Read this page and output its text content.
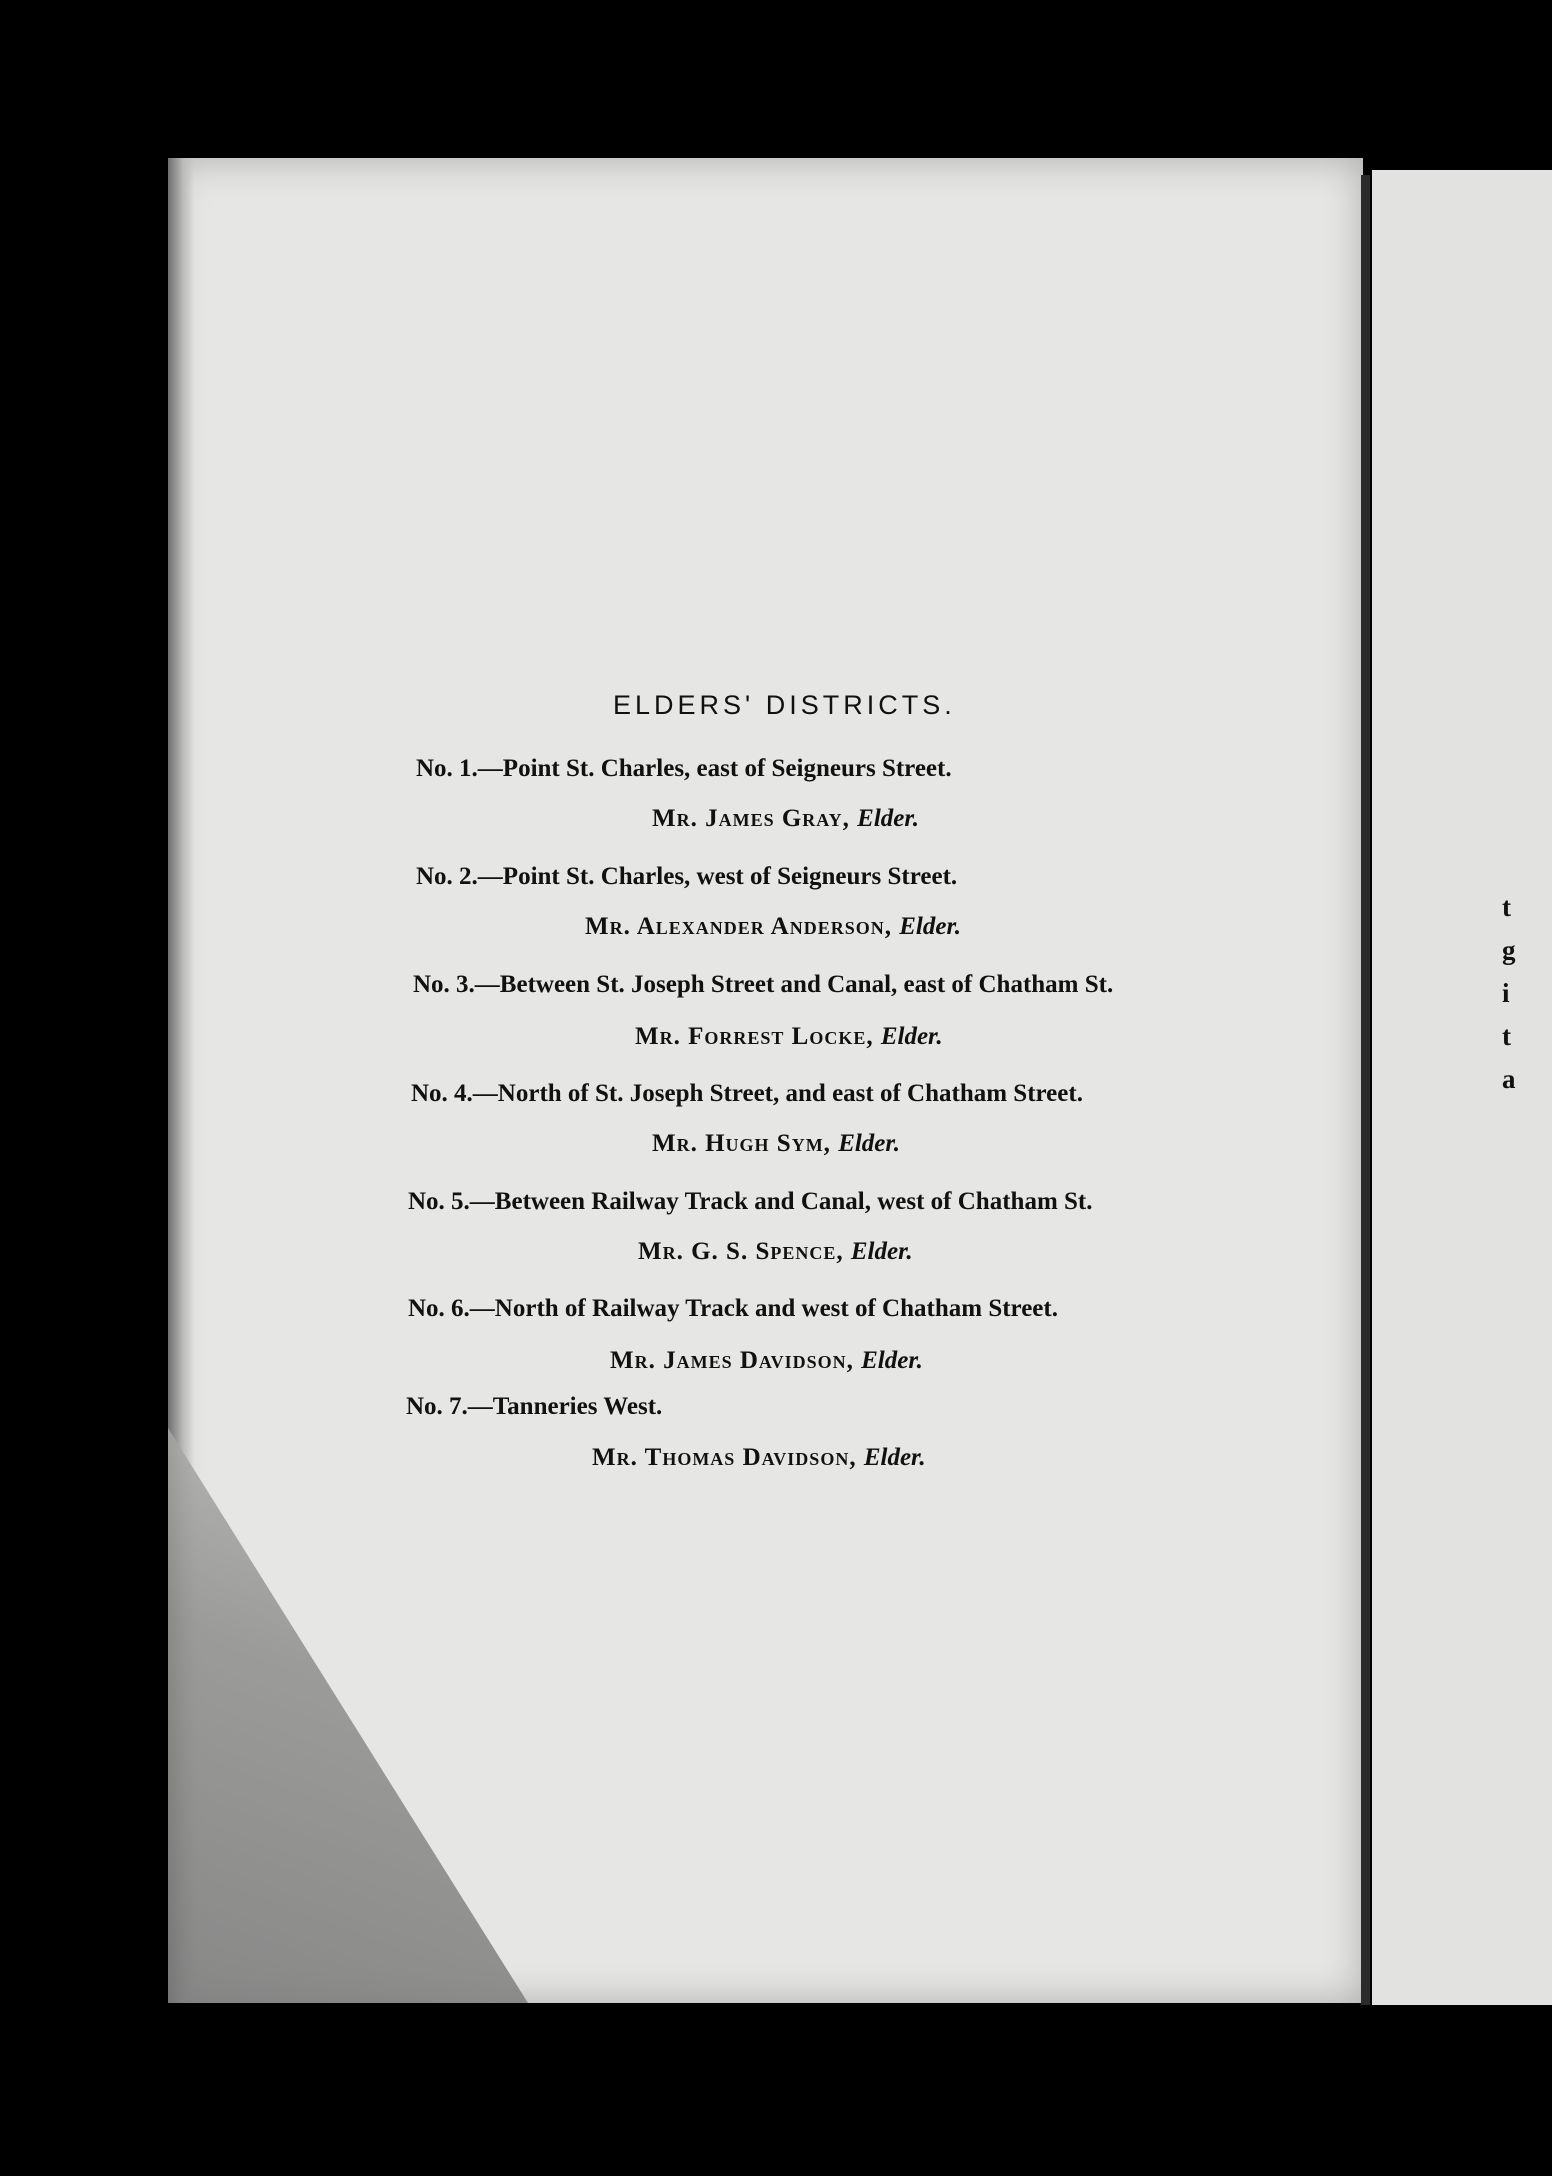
t
g
i
t
a
ELDERS' DISTRICTS.
No. 1.—Point St. Charles, east of Seigneurs Street.
Mr. James Gray, Elder.
No. 2.—Point St. Charles, west of Seigneurs Street.
Mr. Alexander Anderson, Elder.
No. 3.—Between St. Joseph Street and Canal, east of Chatham St.
Mr. Forrest Locke, Elder.
No. 4.—North of St. Joseph Street, and east of Chatham Street.
Mr. Hugh Sym, Elder.
No. 5.—Between Railway Track and Canal, west of Chatham St.
Mr. G. S. Spence, Elder.
No. 6.—North of Railway Track and west of Chatham Street.
Mr. James Davidson, Elder.
No. 7.—Tanneries West.
Mr. Thomas Davidson, Elder.
